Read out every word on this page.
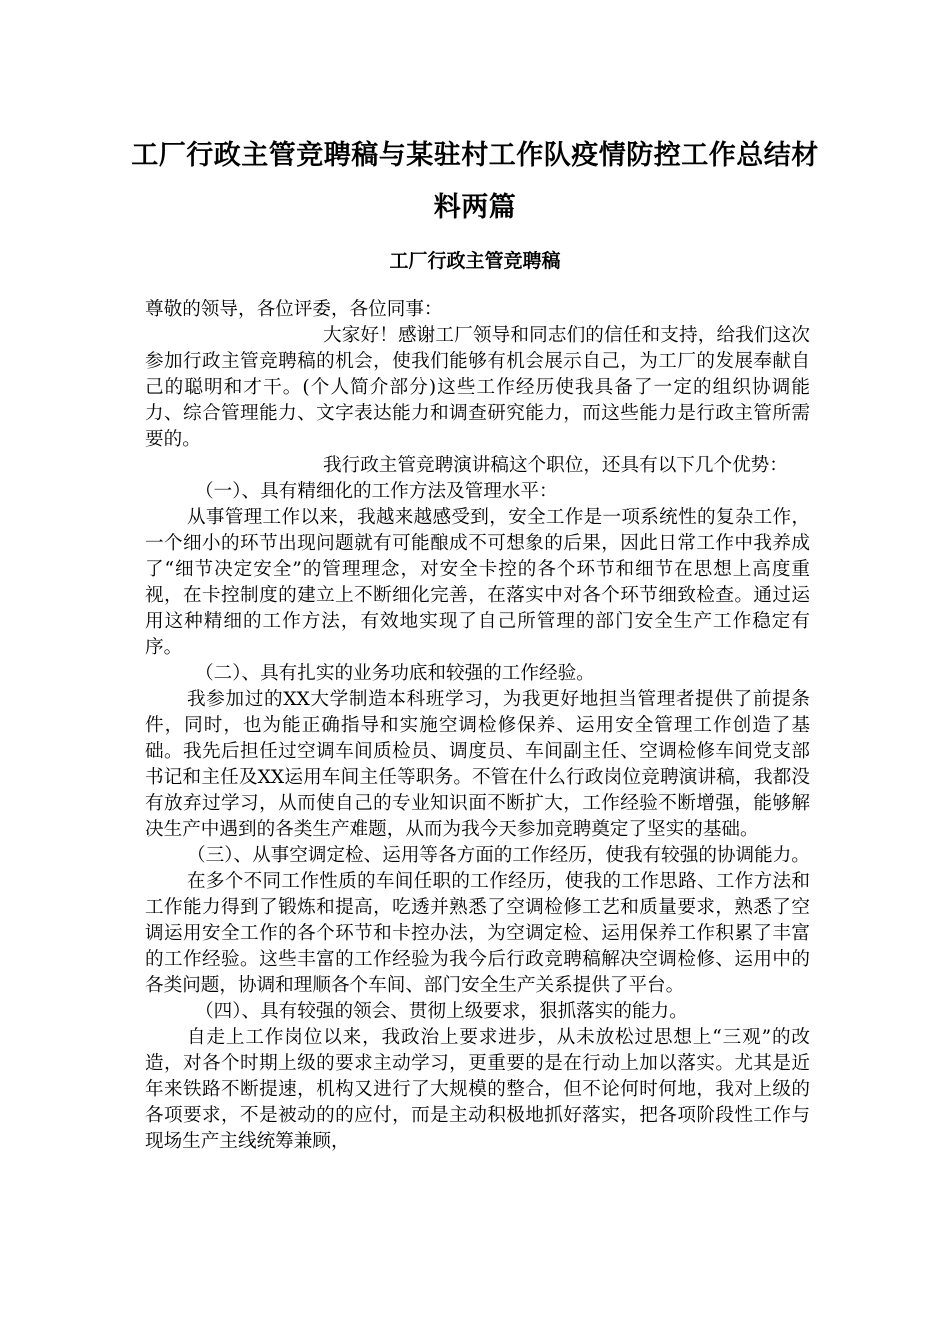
工厂行政主管竞聘稿与某驻村工作队疫情防控工作总结材料两篇
工厂行政主管竞聘稿

尊敬的领导，各位评委，各位同事：

大家好！感谢工厂领导和同志们的信任和支持，给我们这次参加行政主管竞聘稿的机会，使我们能够有机会展示自己，为工厂的发展奉献自己的聪明和才干。(个人简介部分)这些工作经历使我具备了一定的组织协调能力、综合管理能力、文字表达能力和调查研究能力，而这些能力是行政主管所需要的。

我行政主管竞聘演讲稿这个职位，还具有以下几个优势：

（一）、具有精细化的工作方法及管理水平：

从事管理工作以来，我越来越感受到，安全工作是一项系统性的复杂工作，一个细小的环节出现问题就有可能酿成不可想象的后果，因此日常工作中我养成了“细节决定安全”的管理理念，对安全卡控的各个环节和细节在思想上高度重视，在卡控制度的建立上不断细化完善，在落实中对各个环节细致检查。通过运用这种精细的工作方法，有效地实现了自己所管理的部门安全生产工作稳定有序。

（二）、具有扎实的业务功底和较强的工作经验。

我参加过的XX大学制造本科班学习，为我更好地担当管理者提供了前提条件，同时，也为能正确指导和实施空调检修保养、运用安全管理工作创造了基础。我先后担任过空调车间质检员、调度员、车间副主任、空调检修车间党支部书记和主任及XX运用车间主任等职务。不管在什么行政岗位竞聘演讲稿，我都没有放弃过学习，从而使自己的专业知识面不断扩大，工作经验不断增强，能够解决生产中遇到的各类生产难题，从而为我今天参加竞聘奠定了坚实的基础。

（三）、从事空调定检、运用等各方面的工作经历，使我有较强的协调能力。

在多个不同工作性质的车间任职的工作经历，使我的工作思路、工作方法和工作能力得到了锻炼和提高，吃透并熟悉了空调检修工艺和质量要求，熟悉了空调运用安全工作的各个环节和卡控办法，为空调定检、运用保养工作积累了丰富的工作经验。这些丰富的工作经验为我今后行政竞聘稿解决空调检修、运用中的各类问题，协调和理顺各个车间、部门安全生产关系提供了平台。

（四）、具有较强的领会、贯彻上级要求，狠抓落实的能力。

自走上工作岗位以来，我政治上要求进步，从未放松过思想上“三观”的改造，对各个时期上级的要求主动学习，更重要的是在行动上加以落实。尤其是近年来铁路不断提速，机构又进行了大规模的整合，但不论何时何地，我对上级的各项要求，不是被动的的应付，而是主动积极地抓好落实，把各项阶段性工作与现场生产主线统筹兼顾，
